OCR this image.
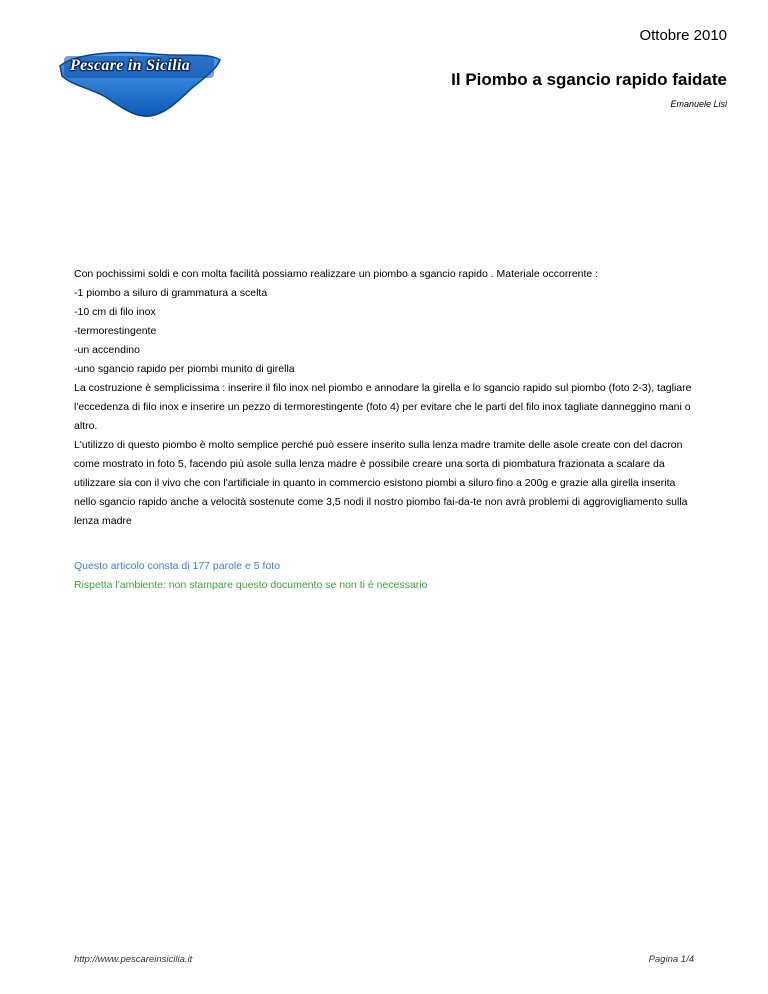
Ottobre 2010
Pescare in Sicilia
Il Piombo a sgancio rapido faidate
Emanuele Lisi

Con pochissimi soldi e con molta facilità possiamo realizzare un piombo a sgancio rapido . Materiale occorrente :

-1 piombo a siluro di grammatura a scelta

-10 cm di filo inox

-termorestingente

-un accendino

-uno sgancio rapido per piombi munito di girella

La costruzione è semplicissima : inserire il filo inox nel piombo e annodare la girella e lo sgancio rapido sul piombo (foto 2-3), tagliare l'eccedenza di filo inox e inserire un pezzo di termorestingente (foto 4) per evitare che le parti del filo inox tagliate danneggino mani o altro.

L'utilizzo di questo piombo è molto semplice perché può essere inserito sulla lenza madre tramite delle asole create con del dacron come mostrato in foto 5, facendo più asole sulla lenza madre è possibile creare una sorta di piombatura frazionata a scalare da utilizzare sia con il vivo che con l'artificiale in quanto in commercio esistono piombi a siluro fino a 200g e grazie alla girella inserita nello sgancio rapido anche a velocità sostenute come 3,5 nodi il nostro piombo fai-da-te non avrà problemi di aggrovigliamento sulla lenza madre

Questo articolo consta di 177 parole e 5 foto
Rispetta l'ambiente: non stampare questo documento se non ti è necessario
http://www.pescareinsicilia.it	Pagina 1/4
